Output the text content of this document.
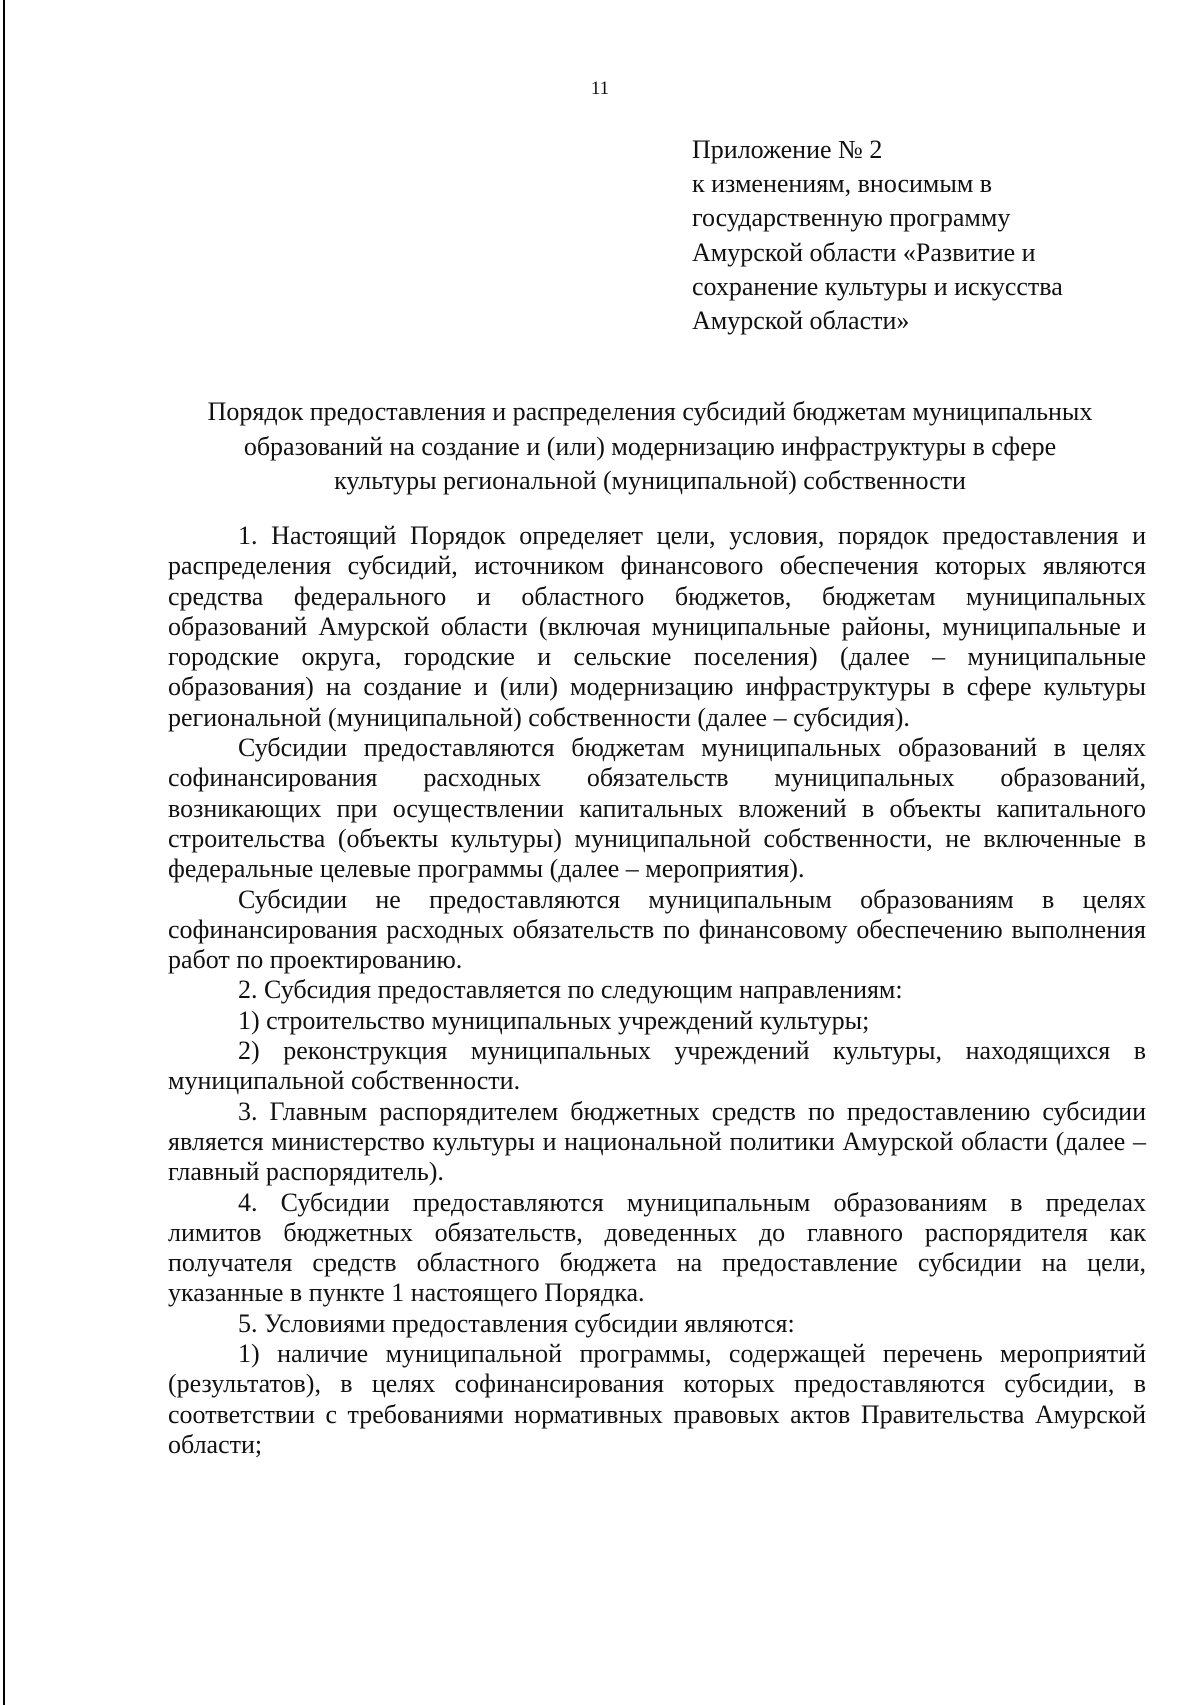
11
Приложение № 2
к изменениям, вносимым в
государственную программу
Амурской области «Развитие и
сохранение культуры и искусства
Амурской области»
Порядок предоставления и распределения субсидий бюджетам муниципальных
образований на создание и (или) модернизацию инфраструктуры в сфере
культуры региональной (муниципальной) собственности

1. Настоящий Порядок определяет цели, условия, порядок предоставления и распределения субсидий, источником финансового обеспечения которых являются средства федерального и областного бюджетов, бюджетам муниципальных образований Амурской области (включая муниципальные районы, муниципальные и городские округа, городские и сельские поселения) (далее – муниципальные образования) на создание и (или) модернизацию инфраструктуры в сфере культуры региональной (муниципальной) собственности (далее – субсидия).

Субсидии предоставляются бюджетам муниципальных образований в целях софинансирования расходных обязательств муниципальных образований, возникающих при осуществлении капитальных вложений в объекты капитального строительства (объекты культуры) муниципальной собственности, не включенные в федеральные целевые программы (далее – мероприятия).

Субсидии не предоставляются муниципальным образованиям в целях софинансирования расходных обязательств по финансовому обеспечению выполнения работ по проектированию.

2. Субсидия предоставляется по следующим направлениям:

1) строительство муниципальных учреждений культуры;

2) реконструкция муниципальных учреждений культуры, находящихся в муниципальной собственности.

3. Главным распорядителем бюджетных средств по предоставлению субсидии является министерство культуры и национальной политики Амурской области (далее – главный распорядитель).

4. Субсидии предоставляются муниципальным образованиям в пределах лимитов бюджетных обязательств, доведенных до главного распорядителя как получателя средств областного бюджета на предоставление субсидии на цели, указанные в пункте 1 настоящего Порядка.

5. Условиями предоставления субсидии являются:

1) наличие муниципальной программы, содержащей перечень мероприятий (результатов), в целях софинансирования которых предоставляются субсидии, в соответствии с требованиями нормативных правовых актов Правительства Амурской области;
